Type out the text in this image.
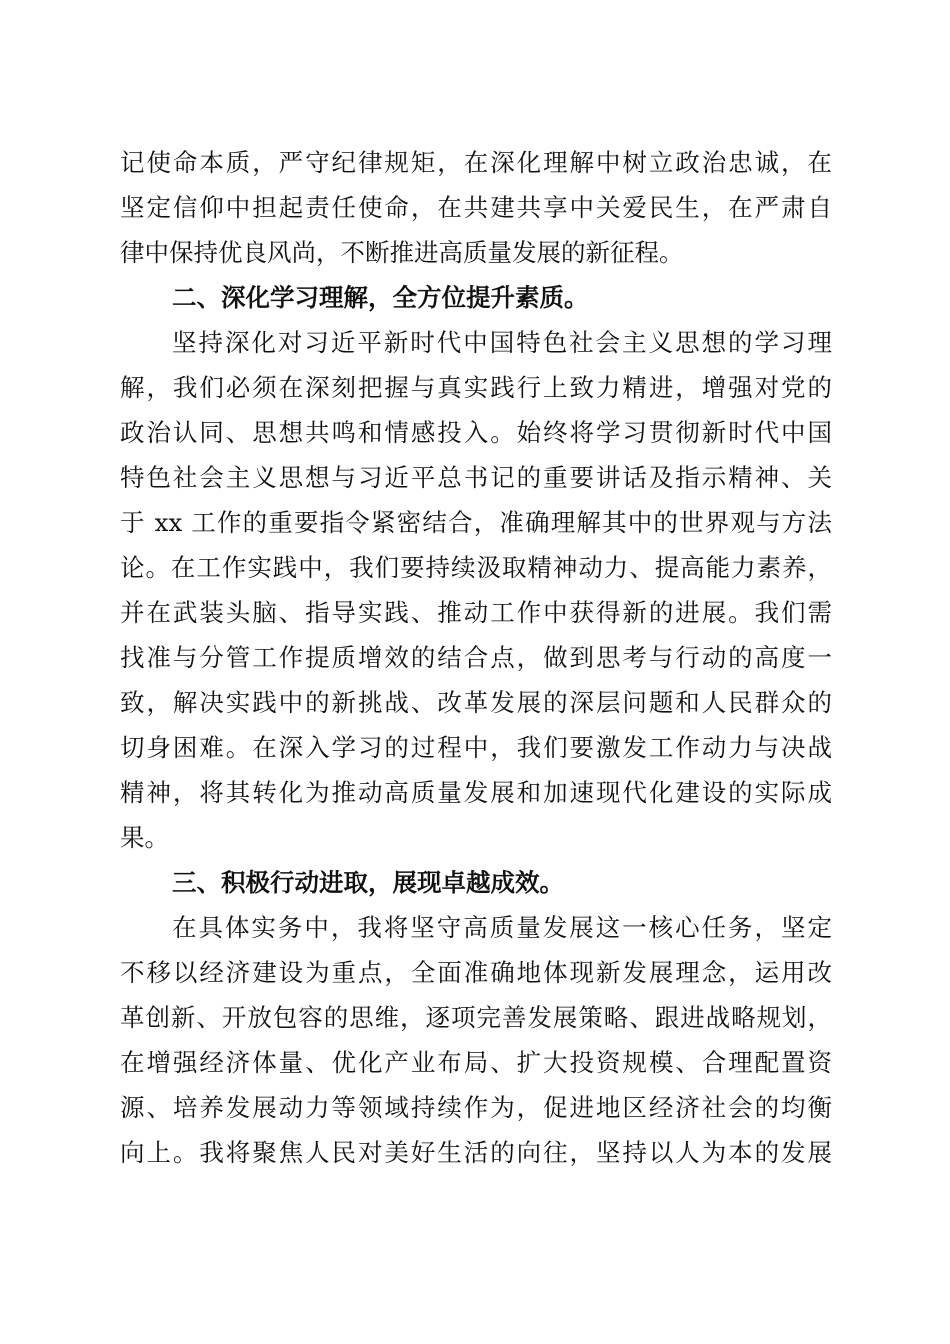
记使命本质，严守纪律规矩，在深化理解中树立政治忠诚，在
坚定信仰中担起责任使命，在共建共享中关爱民生，在严肃自
律中保持优良风尚，不断推进高质量发展的新征程。
二、深化学习理解，全方位提升素质。
坚持深化对习近平新时代中国特色社会主义思想的学习理
解，我们必须在深刻把握与真实践行上致力精进，增强对党的
政治认同、思想共鸣和情感投入。始终将学习贯彻新时代中国
特色社会主义思想与习近平总书记的重要讲话及指示精神、关
于 xx 工作的重要指令紧密结合，准确理解其中的世界观与方法
论。在工作实践中，我们要持续汲取精神动力、提高能力素养，
并在武装头脑、指导实践、推动工作中获得新的进展。我们需
找准与分管工作提质增效的结合点，做到思考与行动的高度一
致，解决实践中的新挑战、改革发展的深层问题和人民群众的
切身困难。在深入学习的过程中，我们要激发工作动力与决战
精神，将其转化为推动高质量发展和加速现代化建设的实际成
果。
三、积极行动进取，展现卓越成效。
在具体实务中，我将坚守高质量发展这一核心任务，坚定
不移以经济建设为重点，全面准确地体现新发展理念，运用改
革创新、开放包容的思维，逐项完善发展策略、跟进战略规划，
在增强经济体量、优化产业布局、扩大投资规模、合理配置资
源、培养发展动力等领域持续作为，促进地区经济社会的均衡
向上。我将聚焦人民对美好生活的向往，坚持以人为本的发展
